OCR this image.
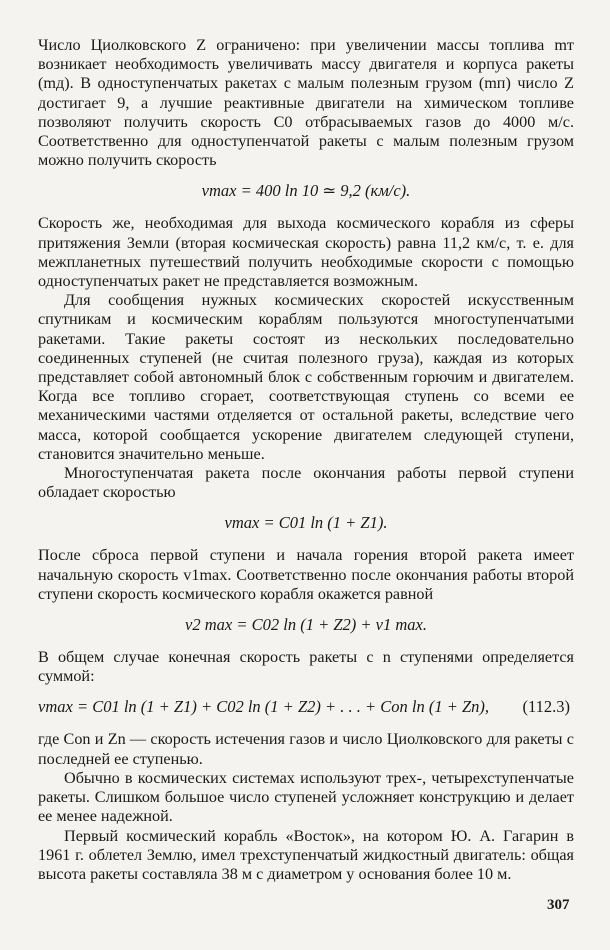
Число Циолковского Z ограничено: при увеличении массы топлива mт возникает необходимость увеличивать массу двигателя и корпуса ракеты (mд). В одноступенчатых ракетах с малым полезным грузом (mп) число Z достигает 9, а лучшие реактивные двигатели на химическом топливе позволяют получить скорость C0 отбрасываемых газов до 4000 м/с. Соответственно для одноступенчатой ракеты с малым полезным грузом можно получить скорость

vmax = 400 ln 10 ≃ 9,2 (км/с).

Скорость же, необходимая для выхода космического корабля из сферы притяжения Земли (вторая космическая скорость) равна 11,2 км/с, т. е. для межпланетных путешествий получить необходимые скорости с помощью одноступенчатых ракет не представляется возможным.

Для сообщения нужных космических скоростей искусственным спутникам и космическим кораблям пользуются многоступенчатыми ракетами. Такие ракеты состоят из нескольких последовательно соединенных ступеней (не считая полезного груза), каждая из которых представляет собой автономный блок с собственным горючим и двигателем. Когда все топливо сгорает, соответствующая ступень со всеми ее механическими частями отделяется от остальной ракеты, вследствие чего масса, которой сообщается ускорение двигателем следующей ступени, становится значительно меньше.

Многоступенчатая ракета после окончания работы первой ступени обладает скоростью

vmax = C01 ln (1 + Z1).

После сброса первой ступени и начала горения второй ракета имеет начальную скорость v1max. Соответственно после окончания работы второй ступени скорость космического корабля окажется равной

v2 max = C02 ln (1 + Z2) + v1 max.

В общем случае конечная скорость ракеты с n ступенями определяется суммой:

vmax = C01 ln (1 + Z1) + C02 ln (1 + Z2) + . . . + Con ln (1 + Zn), (112.3)

где Con и Zn — скорость истечения газов и число Циолковского для ракеты с последней ее ступенью.

Обычно в космических системах используют трех-, четырехступенчатые ракеты. Слишком большое число ступеней усложняет конструкцию и делает ее менее надежной.

Первый космический корабль «Восток», на котором Ю. А. Гагарин в 1961 г. облетел Землю, имел трехступенчатый жидкостный двигатель: общая высота ракеты составляла 38 м с диаметром у основания более 10 м.

307
